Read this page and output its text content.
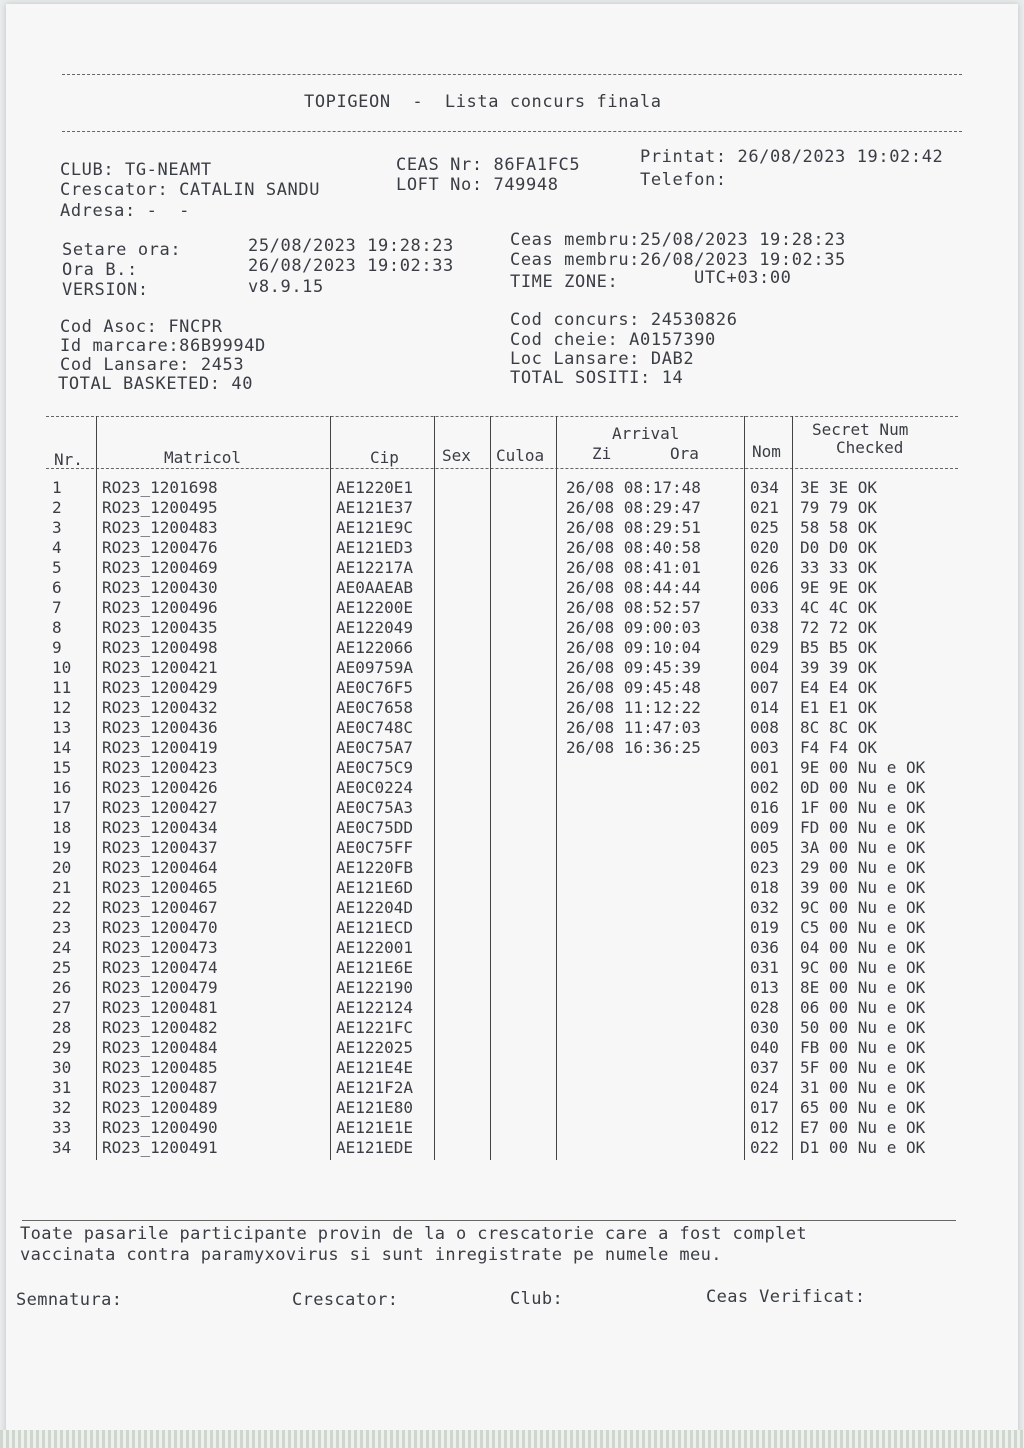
TOPIGEON  -  Lista concurs finala
CLUB: TG-NEAMT
Crescator: CATALIN SANDU
Adresa: -  -
CEAS Nr: 86FA1FC5
LOFT No: 749948
Printat: 26/08/2023 19:02:42
Telefon:
Setare ora:	25/08/2023 19:28:23
Ora B.:	26/08/2023 19:02:33
VERSION:	v8.9.15
Ceas membru:25/08/2023 19:28:23
Ceas membru:26/08/2023 19:02:35
TIME ZONE:	UTC+03:00
Cod Asoc: FNCPR
Id marcare:86B9994D
Cod Lansare: 2453
TOTAL BASKETED: 40
Cod concurs: 24530826
Cod cheie: A0157390
Loc Lansare: DAB2
TOTAL SOSITI: 14
Nr.	Matricol	Cip	Sex Culoa
Arrival
Zi	Ora	Nom
Secret Num
Checked
1	RO23_1201698	AE1220E1	26/08 08:17:48	034 3E 3E OK
2	RO23_1200495	AE121E37	26/08 08:29:47	021 79 79 OK
3	RO23_1200483	AE121E9C	26/08 08:29:51	025 58 58 OK
4	RO23_1200476	AE121ED3	26/08 08:40:58	020 D0 D0 OK
5	RO23_1200469	AE12217A	26/08 08:41:01	026 33 33 OK
6	RO23_1200430	AE0AAEAB	26/08 08:44:44	006 9E 9E OK
7	RO23_1200496	AE12200E	26/08 08:52:57	033 4C 4C OK
8	RO23_1200435	AE122049	26/08 09:00:03	038 72 72 OK
9	RO23_1200498	AE122066	26/08 09:10:04	029 B5 B5 OK
10 RO23_1200421	AE09759A	26/08 09:45:39	004 39 39 OK
11 RO23_1200429	AE0C76F5	26/08 09:45:48	007 E4 E4 OK
12 RO23_1200432	AE0C7658	26/08 11:12:22	014 E1 E1 OK
13 RO23_1200436	AE0C748C	26/08 11:47:03	008 8C 8C OK
14 RO23_1200419	AE0C75A7	26/08 16:36:25	003 F4 F4 OK
15 RO23_1200423	AE0C75C9	001 9E 00 Nu e OK
16 RO23_1200426	AE0C0224	002 0D 00 Nu e OK
17 RO23_1200427	AE0C75A3	016 1F 00 Nu e OK
18 RO23_1200434	AE0C75DD	009 FD 00 Nu e OK
19 RO23_1200437	AE0C75FF	005 3A 00 Nu e OK
20 RO23_1200464	AE1220FB	023 29 00 Nu e OK
21 RO23_1200465	AE121E6D	018 39 00 Nu e OK
22 RO23_1200467	AE12204D	032 9C 00 Nu e OK
23 RO23_1200470	AE121ECD	019 C5 00 Nu e OK
24 RO23_1200473	AE122001	036 04 00 Nu e OK
25 RO23_1200474	AE121E6E	031 9C 00 Nu e OK
26 RO23_1200479	AE122190	013 8E 00 Nu e OK
27 RO23_1200481	AE122124	028 06 00 Nu e OK
28 RO23_1200482	AE1221FC	030 50 00 Nu e OK
29 RO23_1200484	AE122025	040 FB 00 Nu e OK
30 RO23_1200485	AE121E4E	037 5F 00 Nu e OK
31 RO23_1200487	AE121F2A	024 31 00 Nu e OK
32 RO23_1200489	AE121E80	017 65 00 Nu e OK
33 RO23_1200490	AE121E1E	012 E7 00 Nu e OK
34 RO23_1200491	AE121EDE	022 D1 00 Nu e OK
Toate pasarile participante provin de la o crescatorie care a fost complet
vaccinata contra paramyxovirus si sunt inregistrate pe numele meu.
Semnatura:	Crescator:	Club:	Ceas Verificat:
